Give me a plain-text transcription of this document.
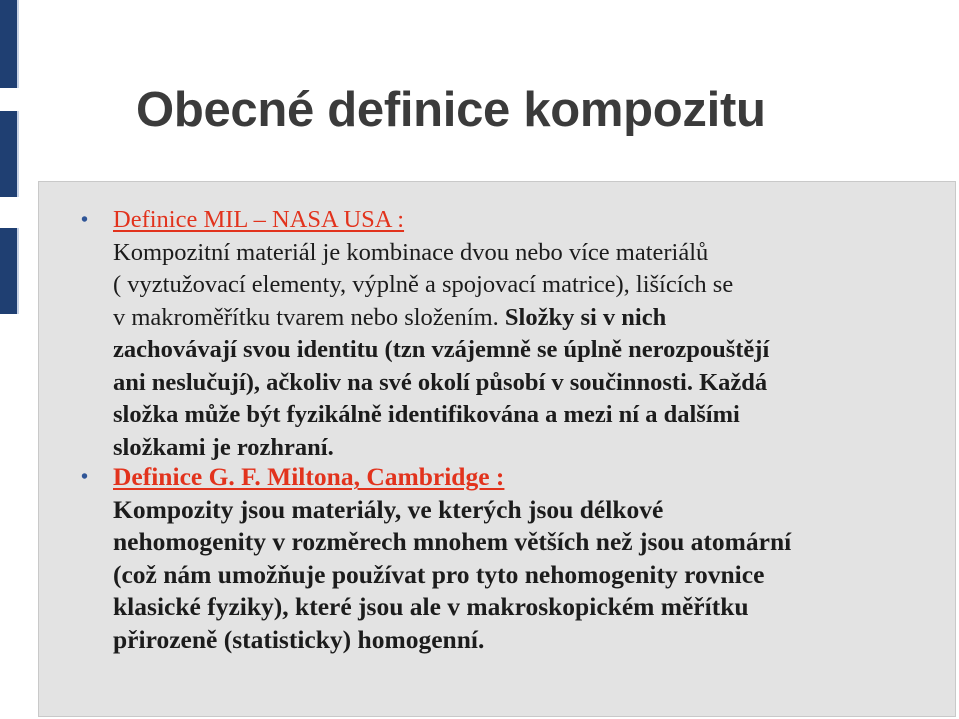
Obecné definice kompozitu
• Definice MIL – NASA USA :
Kompozitní materiál je kombinace dvou nebo více materiálů
( vyztužovací elementy, výplně a spojovací matrice), lišících se
v makroměřítku tvarem nebo složením. Složky si v nich
zachovávají svou identitu (tzn vzájemně se úplně nerozpouštějí
ani neslučují), ačkoliv na své okolí působí v součinnosti. Každá
složka může být fyzikálně identifikována a mezi ní a dalšími
složkami je rozhraní.
• Definice G. F. Miltona, Cambridge :
Kompozity jsou materiály, ve kterých jsou délkové
nehomogenity v rozměrech mnohem větších než jsou atomární
(což nám umožňuje používat pro tyto nehomogenity rovnice
klasické fyziky), které jsou ale v makroskopickém měřítku
přirozeně (statisticky) homogenní.
